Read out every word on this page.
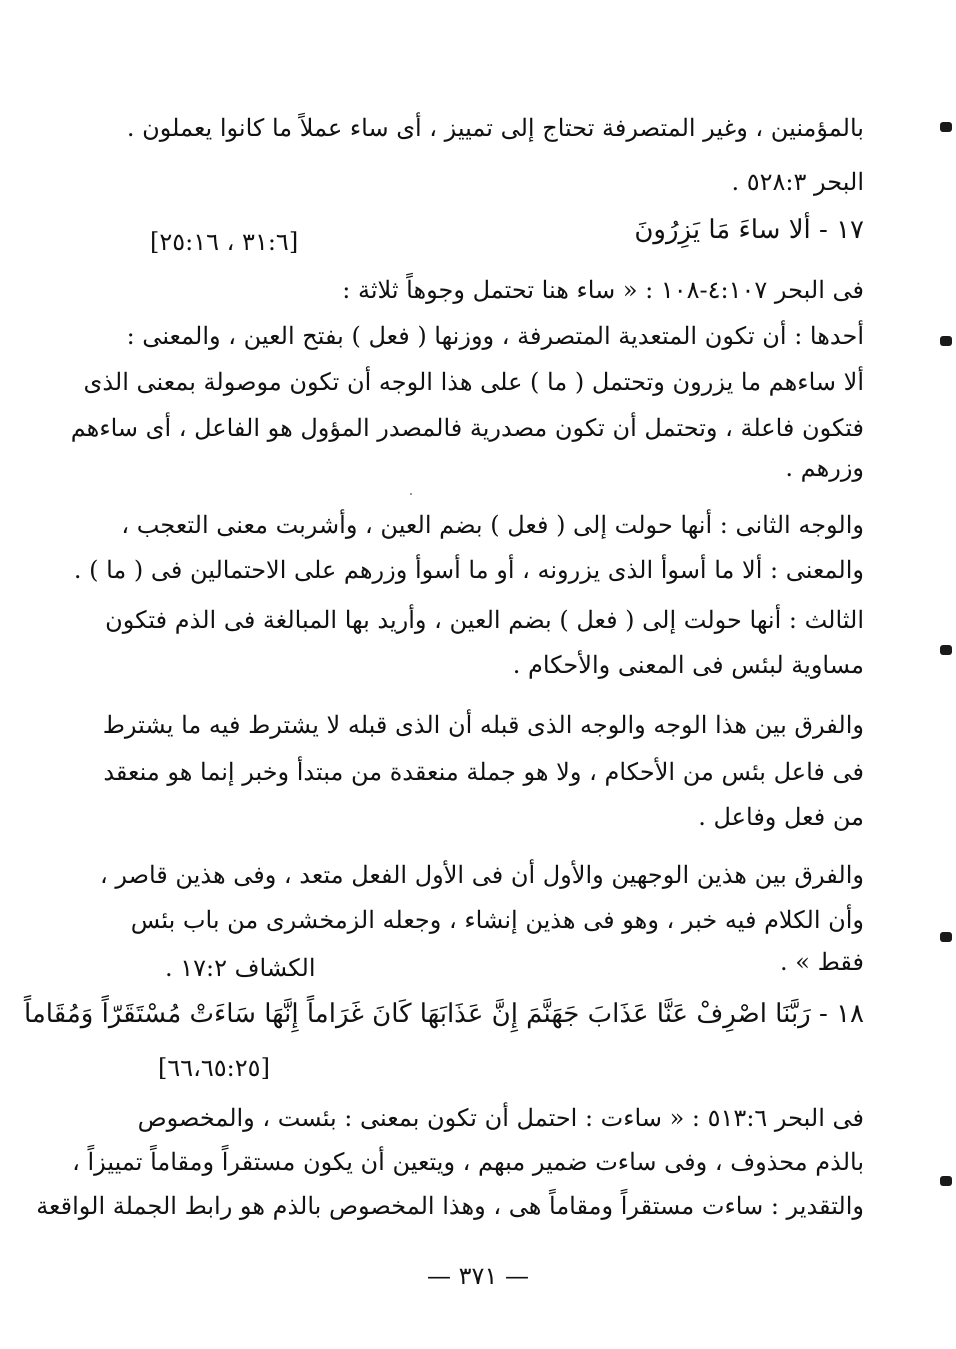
بالمؤمنين ، وغير المتصرفة تحتاج إلى تمييز ، أى ساء عملاً ما كانوا يعملون .
البحر ٥٢٨:٣ .
١٧ - ألا ساءَ مَا يَزِرُونَ
[٣١:٦ ، ٢٥:١٦]
فى البحر ٤:١٠٧-١٠٨ : « ساء هنا تحتمل وجوهاً ثلاثة :
أحدها : أن تكون المتعدية المتصرفة ، ووزنها ( فعل ) بفتح العين ، والمعنى :
ألا ساءهم ما يزرون وتحتمل ( ما ) على هذا الوجه أن تكون موصولة بمعنى الذى
فتكون فاعلة ، وتحتمل أن تكون مصدرية فالمصدر المؤول هو الفاعل ، أى ساءهم
وزرهم .
والوجه الثانى : أنها حولت إلى ( فعل ) بضم العين ، وأشربت معنى التعجب ،
والمعنى : ألا ما أسوأ الذى يزرونه ، أو ما أسوأ وزرهم على الاحتمالين فى ( ما ) .
الثالث : أنها حولت إلى ( فعل ) بضم العين ، وأريد بها المبالغة فى الذم فتكون
مساوية لبئس فى المعنى والأحكام .
والفرق بين هذا الوجه والوجه الذى قبله أن الذى قبله لا يشترط فيه ما يشترط
فى فاعل بئس من الأحكام ، ولا هو جملة منعقدة من مبتدأ وخبر إنما هو منعقد
من فعل وفاعل .
والفرق بين هذين الوجهين والأول أن فى الأول الفعل متعد ، وفى هذين قاصر ،
وأن الكلام فيه خبر ، وهو فى هذين إنشاء ، وجعله الزمخشرى من باب بئس
فقط » .
الكشاف ١٧:٢ .
١٨ - رَبَّنَا اصْرِفْ عَنَّا عَذَابَ جَهَنَّمَ إِنَّ عَذَابَهَا كَانَ غَرَاماً إِنَّهَا سَاءَتْ مُسْتَقَرّاً وَمُقَاماً
[٦٦،٦٥:٢٥]
فى البحر ٥١٣:٦ : « ساءت : احتمل أن تكون بمعنى : بئست ، والمخصوص
بالذم محذوف ، وفى ساءت ضمير مبهم ، ويتعين أن يكون مستقراً ومقاماً تمييزاً ،
والتقدير : ساءت مستقراً ومقاماً هى ، وهذا المخصوص بالذم هو رابط الجملة الواقعة
— ٣٧١ —
